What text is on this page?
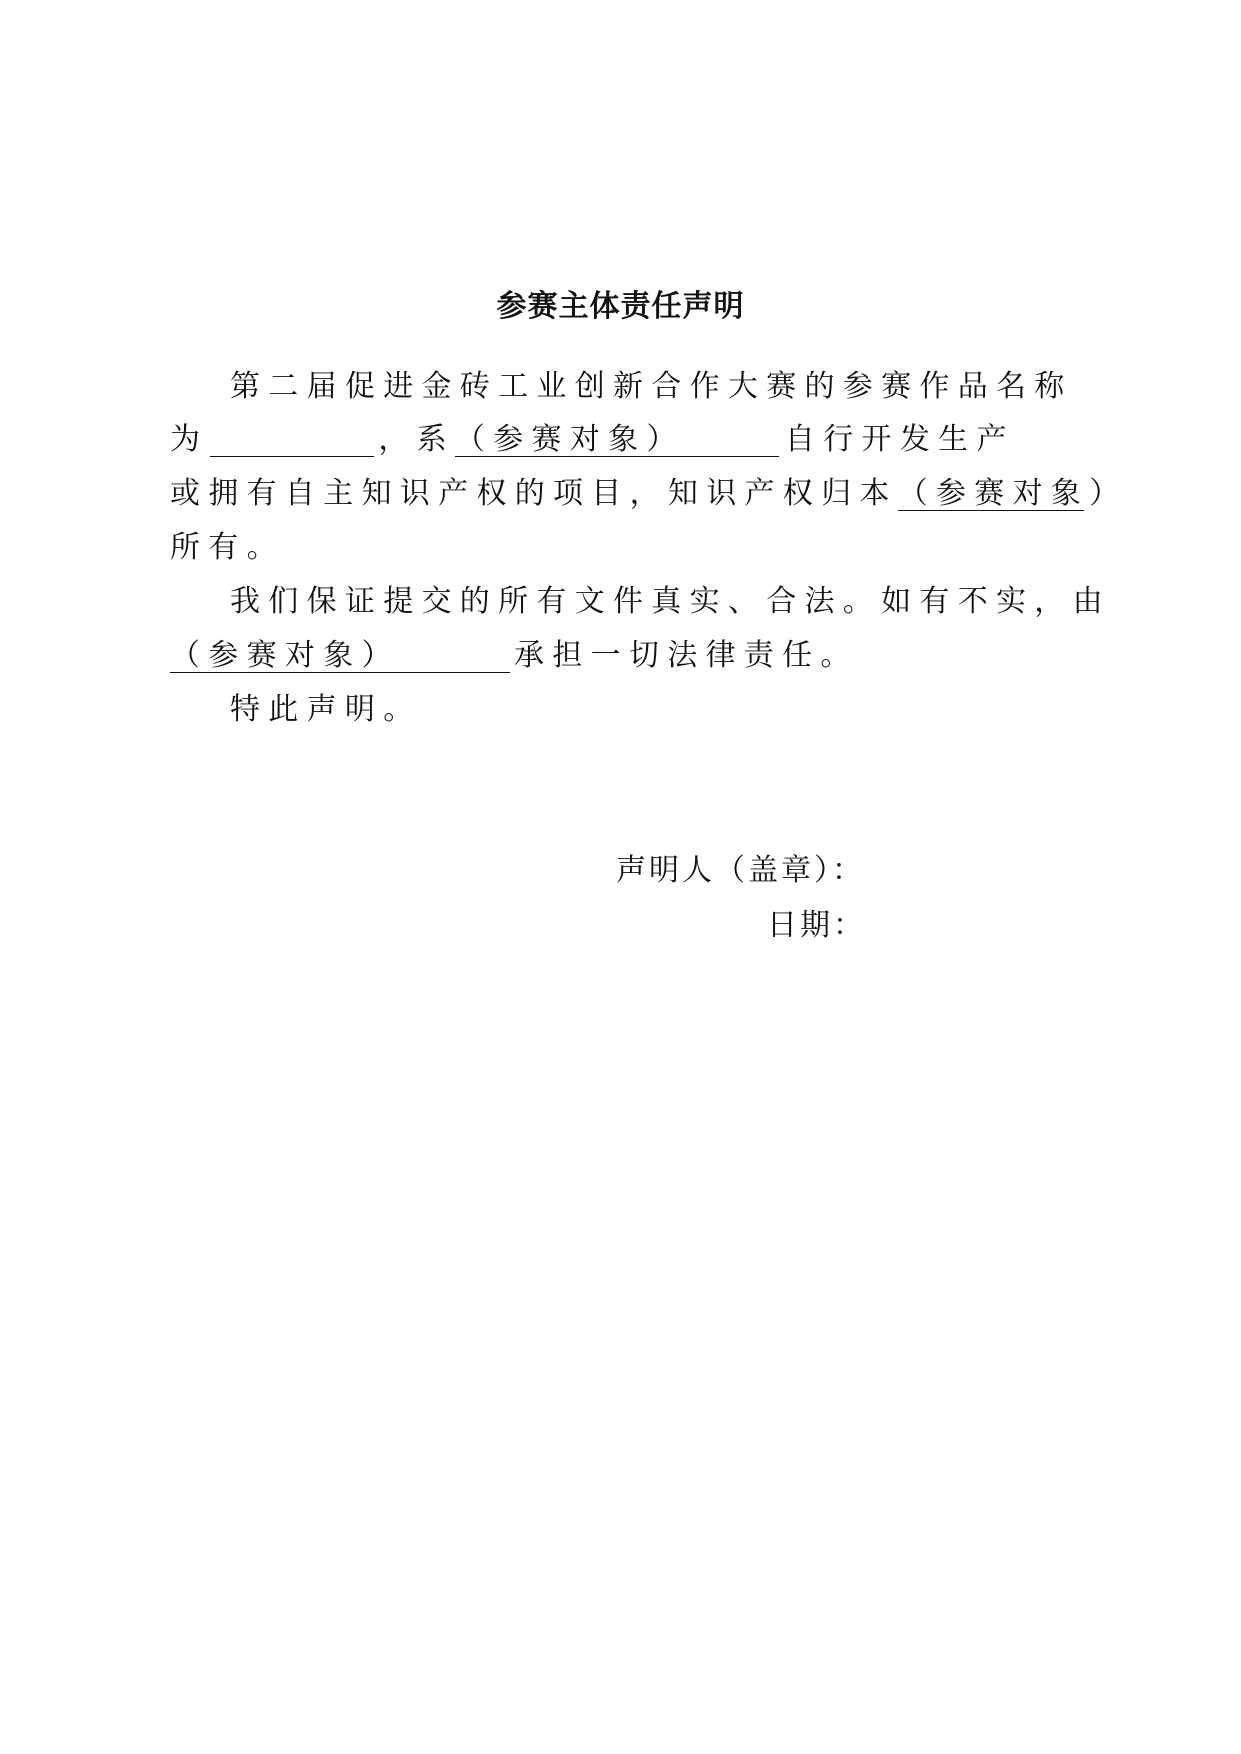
参赛主体责任声明
第二届促进金砖工业创新合作大赛的参赛作品名称
为	，系（参赛对象）	自行开发生产
或拥有自主知识产权的项目，知识产权归本（参赛对象）
所有。
我们保证提交的所有文件真实、合法。如有不实，由
（参赛对象）	承担一切法律责任。
特此声明。
声明人（盖章）：
日期：
